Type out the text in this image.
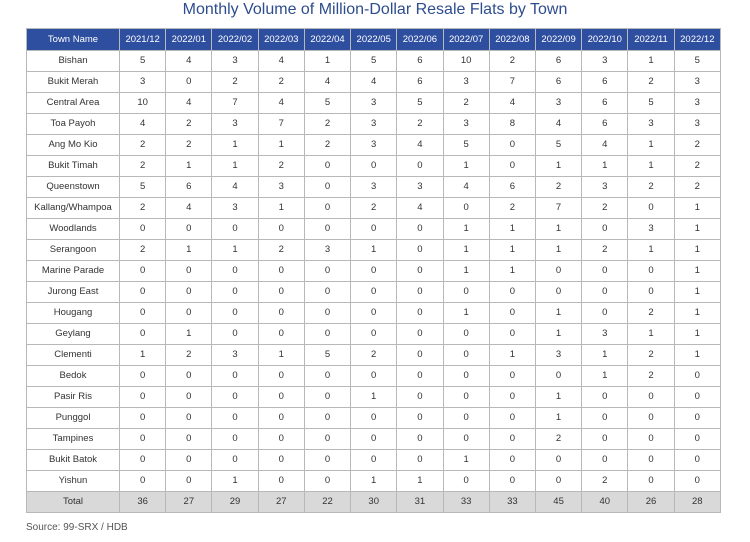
Monthly Volume of Million-Dollar Resale Flats by Town
Town Name	2021/12	2022/01	2022/02	2022/03	2022/04	2022/05	2022/06	2022/07	2022/08	2022/09	2022/10	2022/11	2022/12
Bishan	5	4	3	4	1	5	6	10	2	6	3	1	5
Bukit Merah	3	0	2	2	4	4	6	3	7	6	6	2	3
Central Area	10	4	7	4	5	3	5	2	4	3	6	5	3
Toa Payoh	4	2	3	7	2	3	2	3	8	4	6	3	3
Ang Mo Kio	2	2	1	1	2	3	4	5	0	5	4	1	2
Bukit Timah	2	1	1	2	0	0	0	1	0	1	1	1	2
Queenstown	5	6	4	3	0	3	3	4	6	2	3	2	2
Kallang/Whampoa	2	4	3	1	0	2	4	0	2	7	2	0	1
Woodlands	0	0	0	0	0	0	0	1	1	1	0	3	1
Serangoon	2	1	1	2	3	1	0	1	1	1	2	1	1
Marine Parade	0	0	0	0	0	0	0	1	1	0	0	0	1
Jurong East	0	0	0	0	0	0	0	0	0	0	0	0	1
Hougang	0	0	0	0	0	0	0	1	0	1	0	2	1
Geylang	0	1	0	0	0	0	0	0	0	1	3	1	1
Clementi	1	2	3	1	5	2	0	0	1	3	1	2	1
Bedok	0	0	0	0	0	0	0	0	0	0	1	2	0
Pasir Ris	0	0	0	0	0	1	0	0	0	1	0	0	0
Punggol	0	0	0	0	0	0	0	0	0	1	0	0	0
Tampines	0	0	0	0	0	0	0	0	0	2	0	0	0
Bukit Batok	0	0	0	0	0	0	0	1	0	0	0	0	0
Yishun	0	0	1	0	0	1	1	0	0	0	2	0	0
Total	36	27	29	27	22	30	31	33	33	45	40	26	28
Source: 99-SRX / HDB
